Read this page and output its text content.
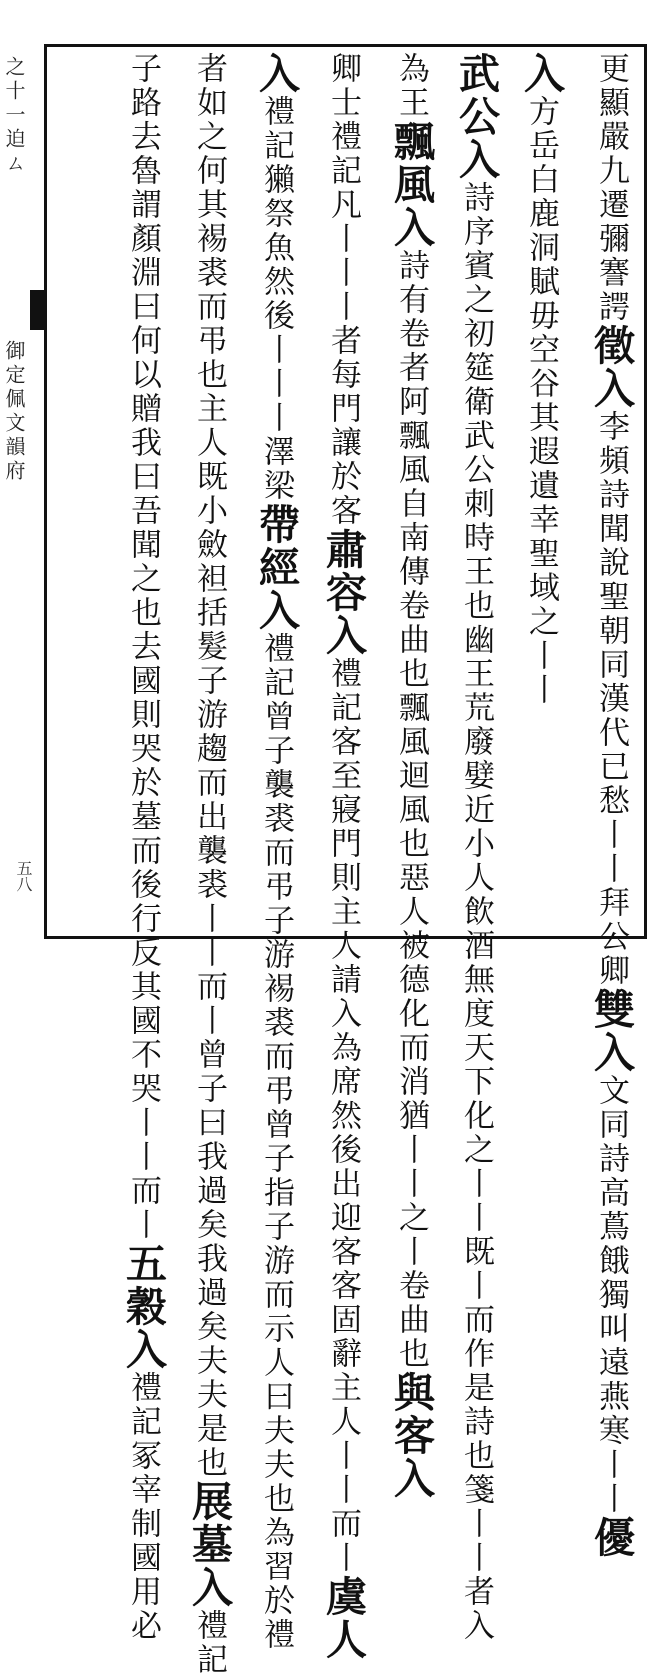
之十一迫ㄙ
御定佩文韻府
五八
更顯嚴九遷彌謇諤徵入李頻詩聞說聖朝同漢代已愁丨丨拜公卿雙入文同詩高蔦餓獨叫遠燕寒丨丨優
入方岳白鹿洞賦毋空谷其遐遺幸聖域之丨丨
武公入詩序賓之初筵衛武公刺時王也幽王荒廢嬖近小人飲酒無度天下化之丨丨既丨而作是詩也箋丨丨者入
為王飄風入詩有卷者阿飄風自南傳卷曲也飄風迴風也惡人被德化而消猶丨丨之丨卷曲也與客入
卿士禮記凡丨丨丨者每門讓於客肅容入禮記客至寢門則主人請入為席然後出迎客客固辭主人丨丨而丨虞人
入禮記獺祭魚然後丨丨丨澤梁帶經入禮記曾子襲裘而弔子游裼裘而弔曾子指子游而示人曰夫夫也為習於禮
者如之何其裼裘而弔也主人既小斂袒括髮子游趨而出襲裘丨丨而丨曾子曰我過矣我過矣夫夫是也展墓入禮記
子路去魯謂顏淵曰何以贈我曰吾聞之也去國則哭於墓而後行反其國不哭丨丨而丨五穀入禮記冢宰制國用必
